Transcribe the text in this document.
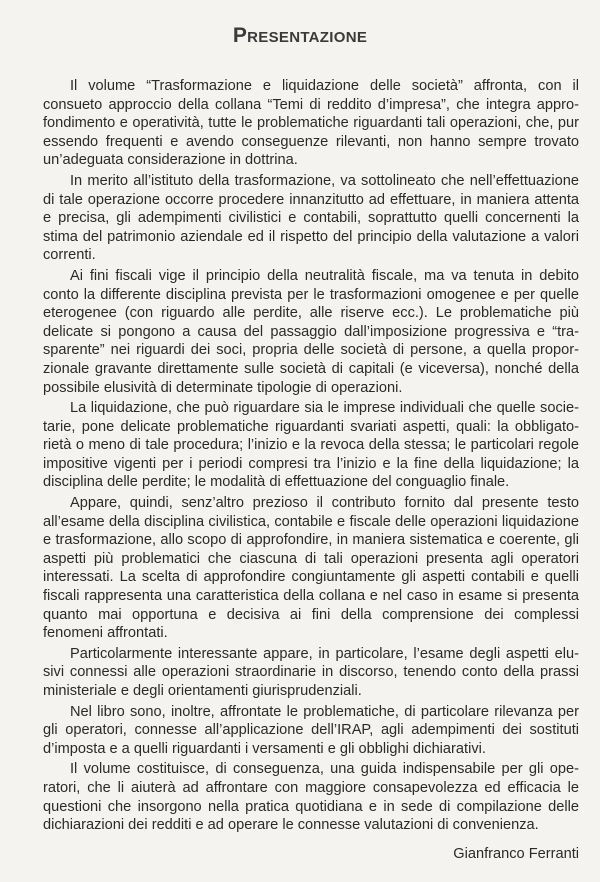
Presentazione

Il volume “Trasformazione e liquidazione delle società” affronta, con il consueto approccio della collana “Temi di reddito d’impresa”, che integra approfondimento e operatività, tutte le problematiche riguardanti tali operazioni, che, pur essendo frequenti e avendo conseguenze rilevanti, non hanno sempre trovato un’adeguata considerazione in dottrina.

In merito all’istituto della trasformazione, va sottolineato che nell’effettuazione di tale operazione occorre procedere innanzitutto ad effettuare, in maniera attenta e precisa, gli adempimenti civilistici e contabili, soprattutto quelli concernenti la stima del patrimonio aziendale ed il rispetto del principio della valutazione a valori correnti.

Ai fini fiscali vige il principio della neutralità fiscale, ma va tenuta in debito conto la differente disciplina prevista per le trasformazioni omogenee e per quelle eterogenee (con riguardo alle perdite, alle riserve ecc.). Le problematiche più delicate si pongono a causa del passaggio dall’imposizione progressiva e “trasparente” nei riguardi dei soci, propria delle società di persone, a quella proporzionale gravante direttamente sulle società di capitali (e viceversa), nonché della possibile elusività di determinate tipologie di operazioni.

La liquidazione, che può riguardare sia le imprese individuali che quelle societarie, pone delicate problematiche riguardanti svariati aspetti, quali: la obbligatorietà o meno di tale procedura; l’inizio e la revoca della stessa; le particolari regole impositive vigenti per i periodi compresi tra l’inizio e la fine della liquidazione; la disciplina delle perdite; le modalità di effettuazione del conguaglio finale.

Appare, quindi, senz’altro prezioso il contributo fornito dal presente testo all’esame della disciplina civilistica, contabile e fiscale delle operazioni liquidazione e trasformazione, allo scopo di approfondire, in maniera sistematica e coerente, gli aspetti più problematici che ciascuna di tali operazioni presenta agli operatori interessati. La scelta di approfondire congiuntamente gli aspetti contabili e quelli fiscali rappresenta una caratteristica della collana e nel caso in esame si presenta quanto mai opportuna e decisiva ai fini della comprensione dei complessi fenomeni affrontati.

Particolarmente interessante appare, in particolare, l’esame degli aspetti elusivi connessi alle operazioni straordinarie in discorso, tenendo conto della prassi ministeriale e degli orientamenti giurisprudenziali.

Nel libro sono, inoltre, affrontate le problematiche, di particolare rilevanza per gli operatori, connesse all’applicazione dell’IRAP, agli adempimenti dei sostituti d’imposta e a quelli riguardanti i versamenti e gli obblighi dichiarativi.

Il volume costituisce, di conseguenza, una guida indispensabile per gli operatori, che li aiuterà ad affrontare con maggiore consapevolezza ed efficacia le questioni che insorgono nella pratica quotidiana e in sede di compilazione delle dichiarazioni dei redditi e ad operare le connesse valutazioni di convenienza.

Gianfranco Ferranti
